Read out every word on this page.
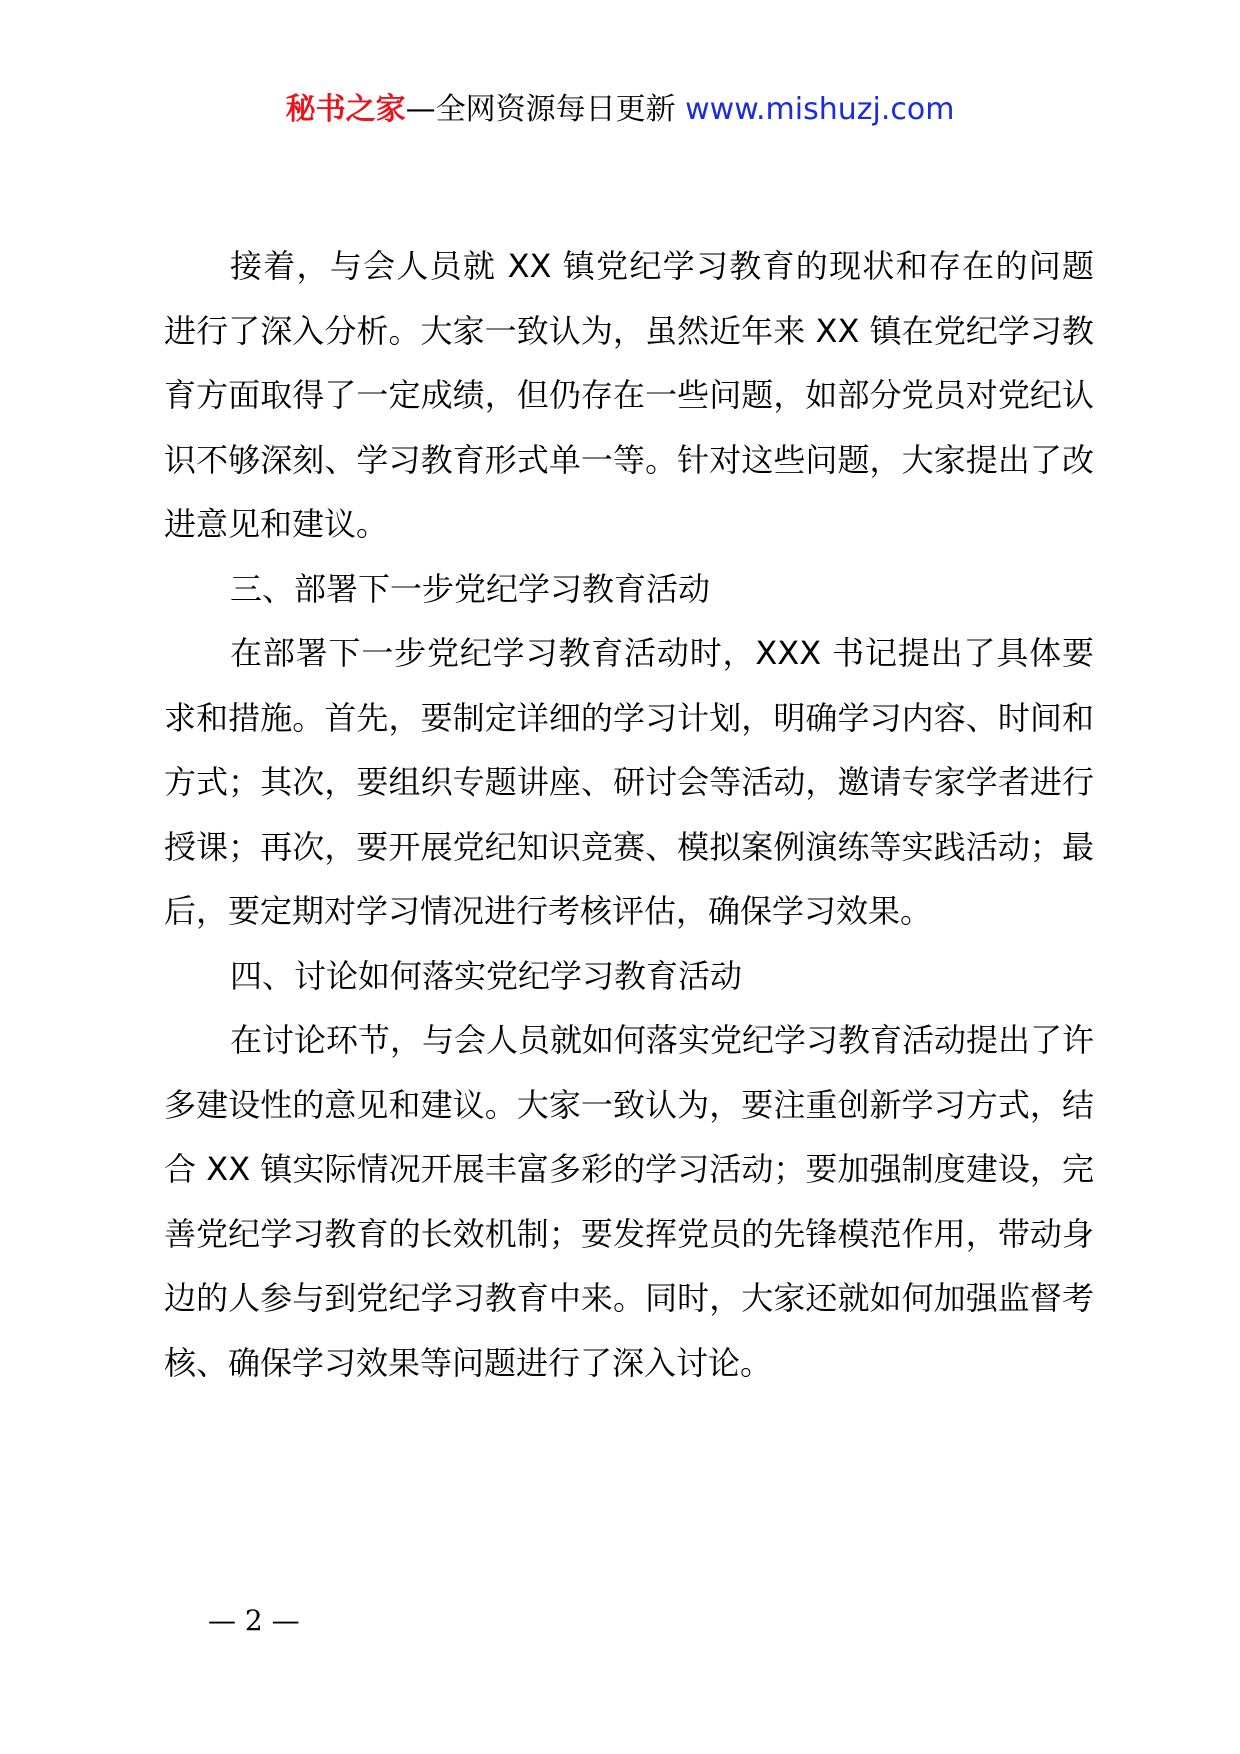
秘书之家—全网资源每日更新 www.mishuzj.com

接着，与会人员就 XX 镇党纪学习教育的现状和存在的问题进行了深入分析。大家一致认为，虽然近年来 XX 镇在党纪学习教育方面取得了一定成绩，但仍存在一些问题，如部分党员对党纪认识不够深刻、学习教育形式单一等。针对这些问题，大家提出了改进意见和建议。

三、部署下一步党纪学习教育活动

在部署下一步党纪学习教育活动时，XXX 书记提出了具体要求和措施。首先，要制定详细的学习计划，明确学习内容、时间和方式；其次，要组织专题讲座、研讨会等活动，邀请专家学者进行授课；再次，要开展党纪知识竞赛、模拟案例演练等实践活动；最后，要定期对学习情况进行考核评估，确保学习效果。

四、讨论如何落实党纪学习教育活动

在讨论环节，与会人员就如何落实党纪学习教育活动提出了许多建设性的意见和建议。大家一致认为，要注重创新学习方式，结合 XX 镇实际情况开展丰富多彩的学习活动；要加强制度建设，完善党纪学习教育的长效机制；要发挥党员的先锋模范作用，带动身边的人参与到党纪学习教育中来。同时，大家还就如何加强监督考核、确保学习效果等问题进行了深入讨论。

— 2 —
